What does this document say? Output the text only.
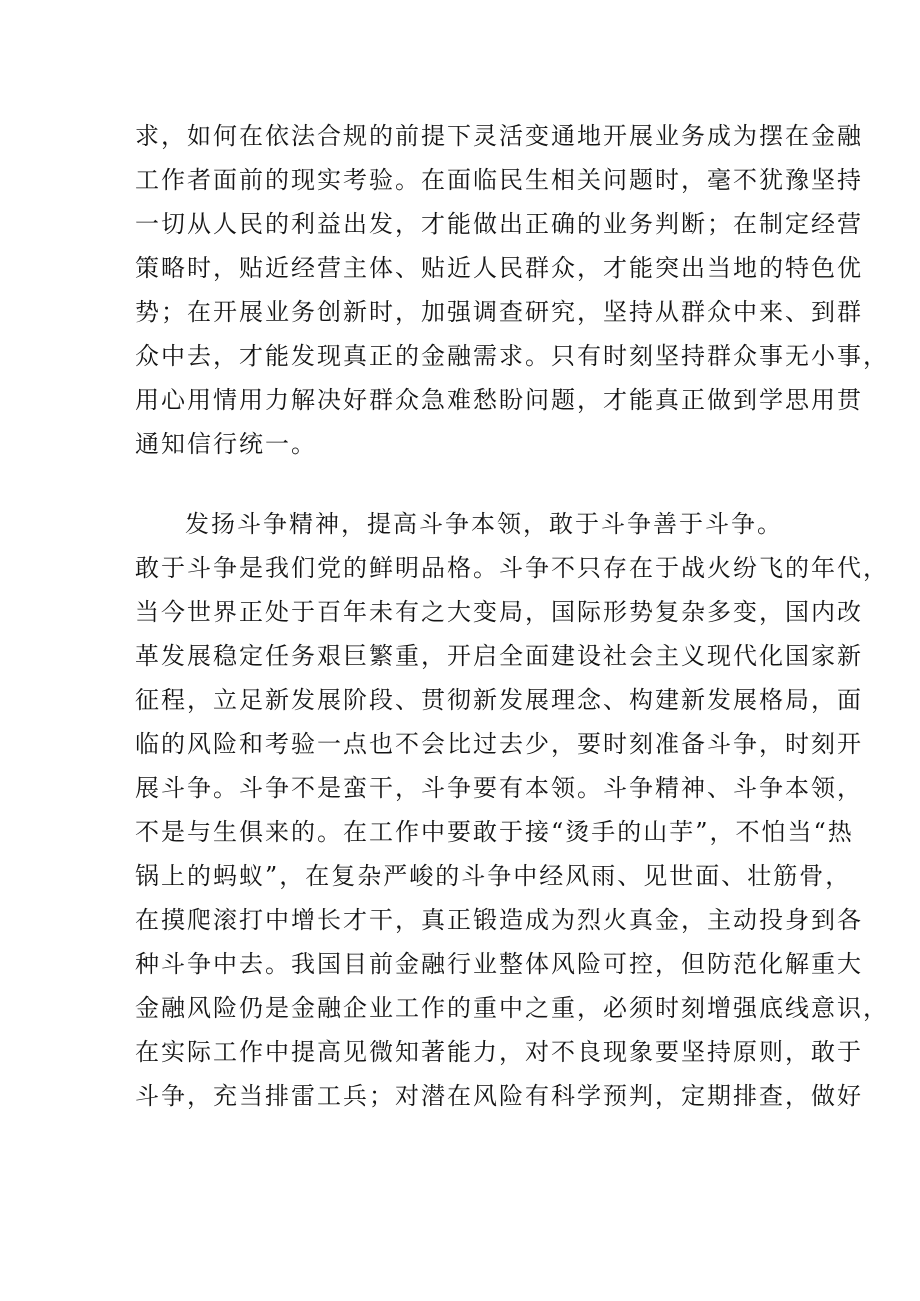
求，如何在依法合规的前提下灵活变通地开展业务成为摆在金融
工作者面前的现实考验。在面临民生相关问题时，毫不犹豫坚持
一切从人民的利益出发，才能做出正确的业务判断；在制定经营
策略时，贴近经营主体、贴近人民群众，才能突出当地的特色优
势；在开展业务创新时，加强调查研究，坚持从群众中来、到群
众中去，才能发现真正的金融需求。只有时刻坚持群众事无小事，
用心用情用力解决好群众急难愁盼问题，才能真正做到学思用贯
通知信行统一。
发扬斗争精神，提高斗争本领，敢于斗争善于斗争。
敢于斗争是我们党的鲜明品格。斗争不只存在于战火纷飞的年代，
当今世界正处于百年未有之大变局，国际形势复杂多变，国内改
革发展稳定任务艰巨繁重，开启全面建设社会主义现代化国家新
征程，立足新发展阶段、贯彻新发展理念、构建新发展格局，面
临的风险和考验一点也不会比过去少，要时刻准备斗争，时刻开
展斗争。斗争不是蛮干，斗争要有本领。斗争精神、斗争本领，
不是与生俱来的。在工作中要敢于接“烫手的山芋”，不怕当“热
锅上的蚂蚁”，在复杂严峻的斗争中经风雨、见世面、壮筋骨，
在摸爬滚打中增长才干，真正锻造成为烈火真金，主动投身到各
种斗争中去。我国目前金融行业整体风险可控，但防范化解重大
金融风险仍是金融企业工作的重中之重，必须时刻增强底线意识，
在实际工作中提高见微知著能力，对不良现象要坚持原则，敢于
斗争，充当排雷工兵；对潜在风险有科学预判，定期排查，做好
